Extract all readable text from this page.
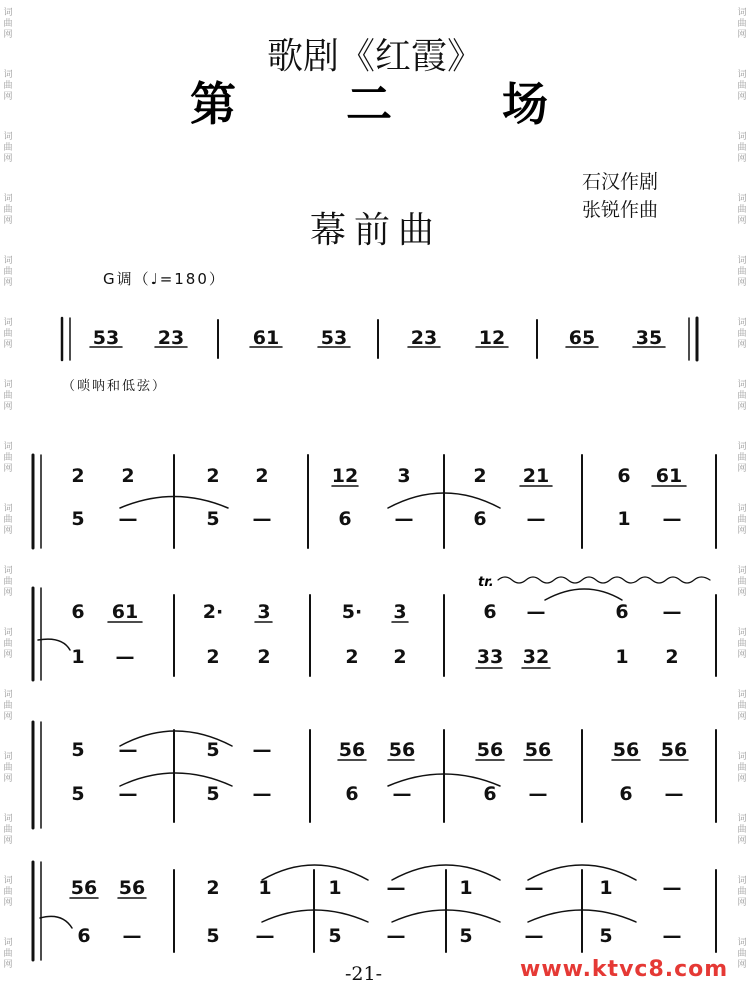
词
曲
网
词
曲
网
词
曲
网
词
曲
网
词
曲
网
词
曲
网
词
曲
网
词
曲
网
词
曲
网
词
曲
网
词
曲
网
词
曲
网
词
曲
网
词
曲
网
词
曲
网
词
曲
网
词
曲
网
词
曲
网
词
曲
网
词
曲
网
词
曲
网
词
曲
网
词
曲
网
词
曲
网
词
曲
网
词
曲
网
词
曲
网
词
曲
网
词
曲
网
词
曲
网
词
曲
网
词
曲
网
歌剧《红霞》
第 二 场
石汉作剧
张锐作曲
幕前曲
G调（♩=180）
（唢呐和低弦）
53 23	61 53	23 12	65 35
2 2	2 2	12 3	2 21	6 61
5 —	5 —	6 —	6 —	1 —
6 61	2· 3	5· 3	6 —	6 —
1 —	2 2	2 2	33 32	1 2
5 —	5 —	56 56	56 56	56 56
5 —	5 —	6 —	6 —	6 —
56 56	2 1	1 —	1	—	1	—
6 —	5 —	5 —	5	—	5	—
tr.
-21-	www.ktvc8.com
